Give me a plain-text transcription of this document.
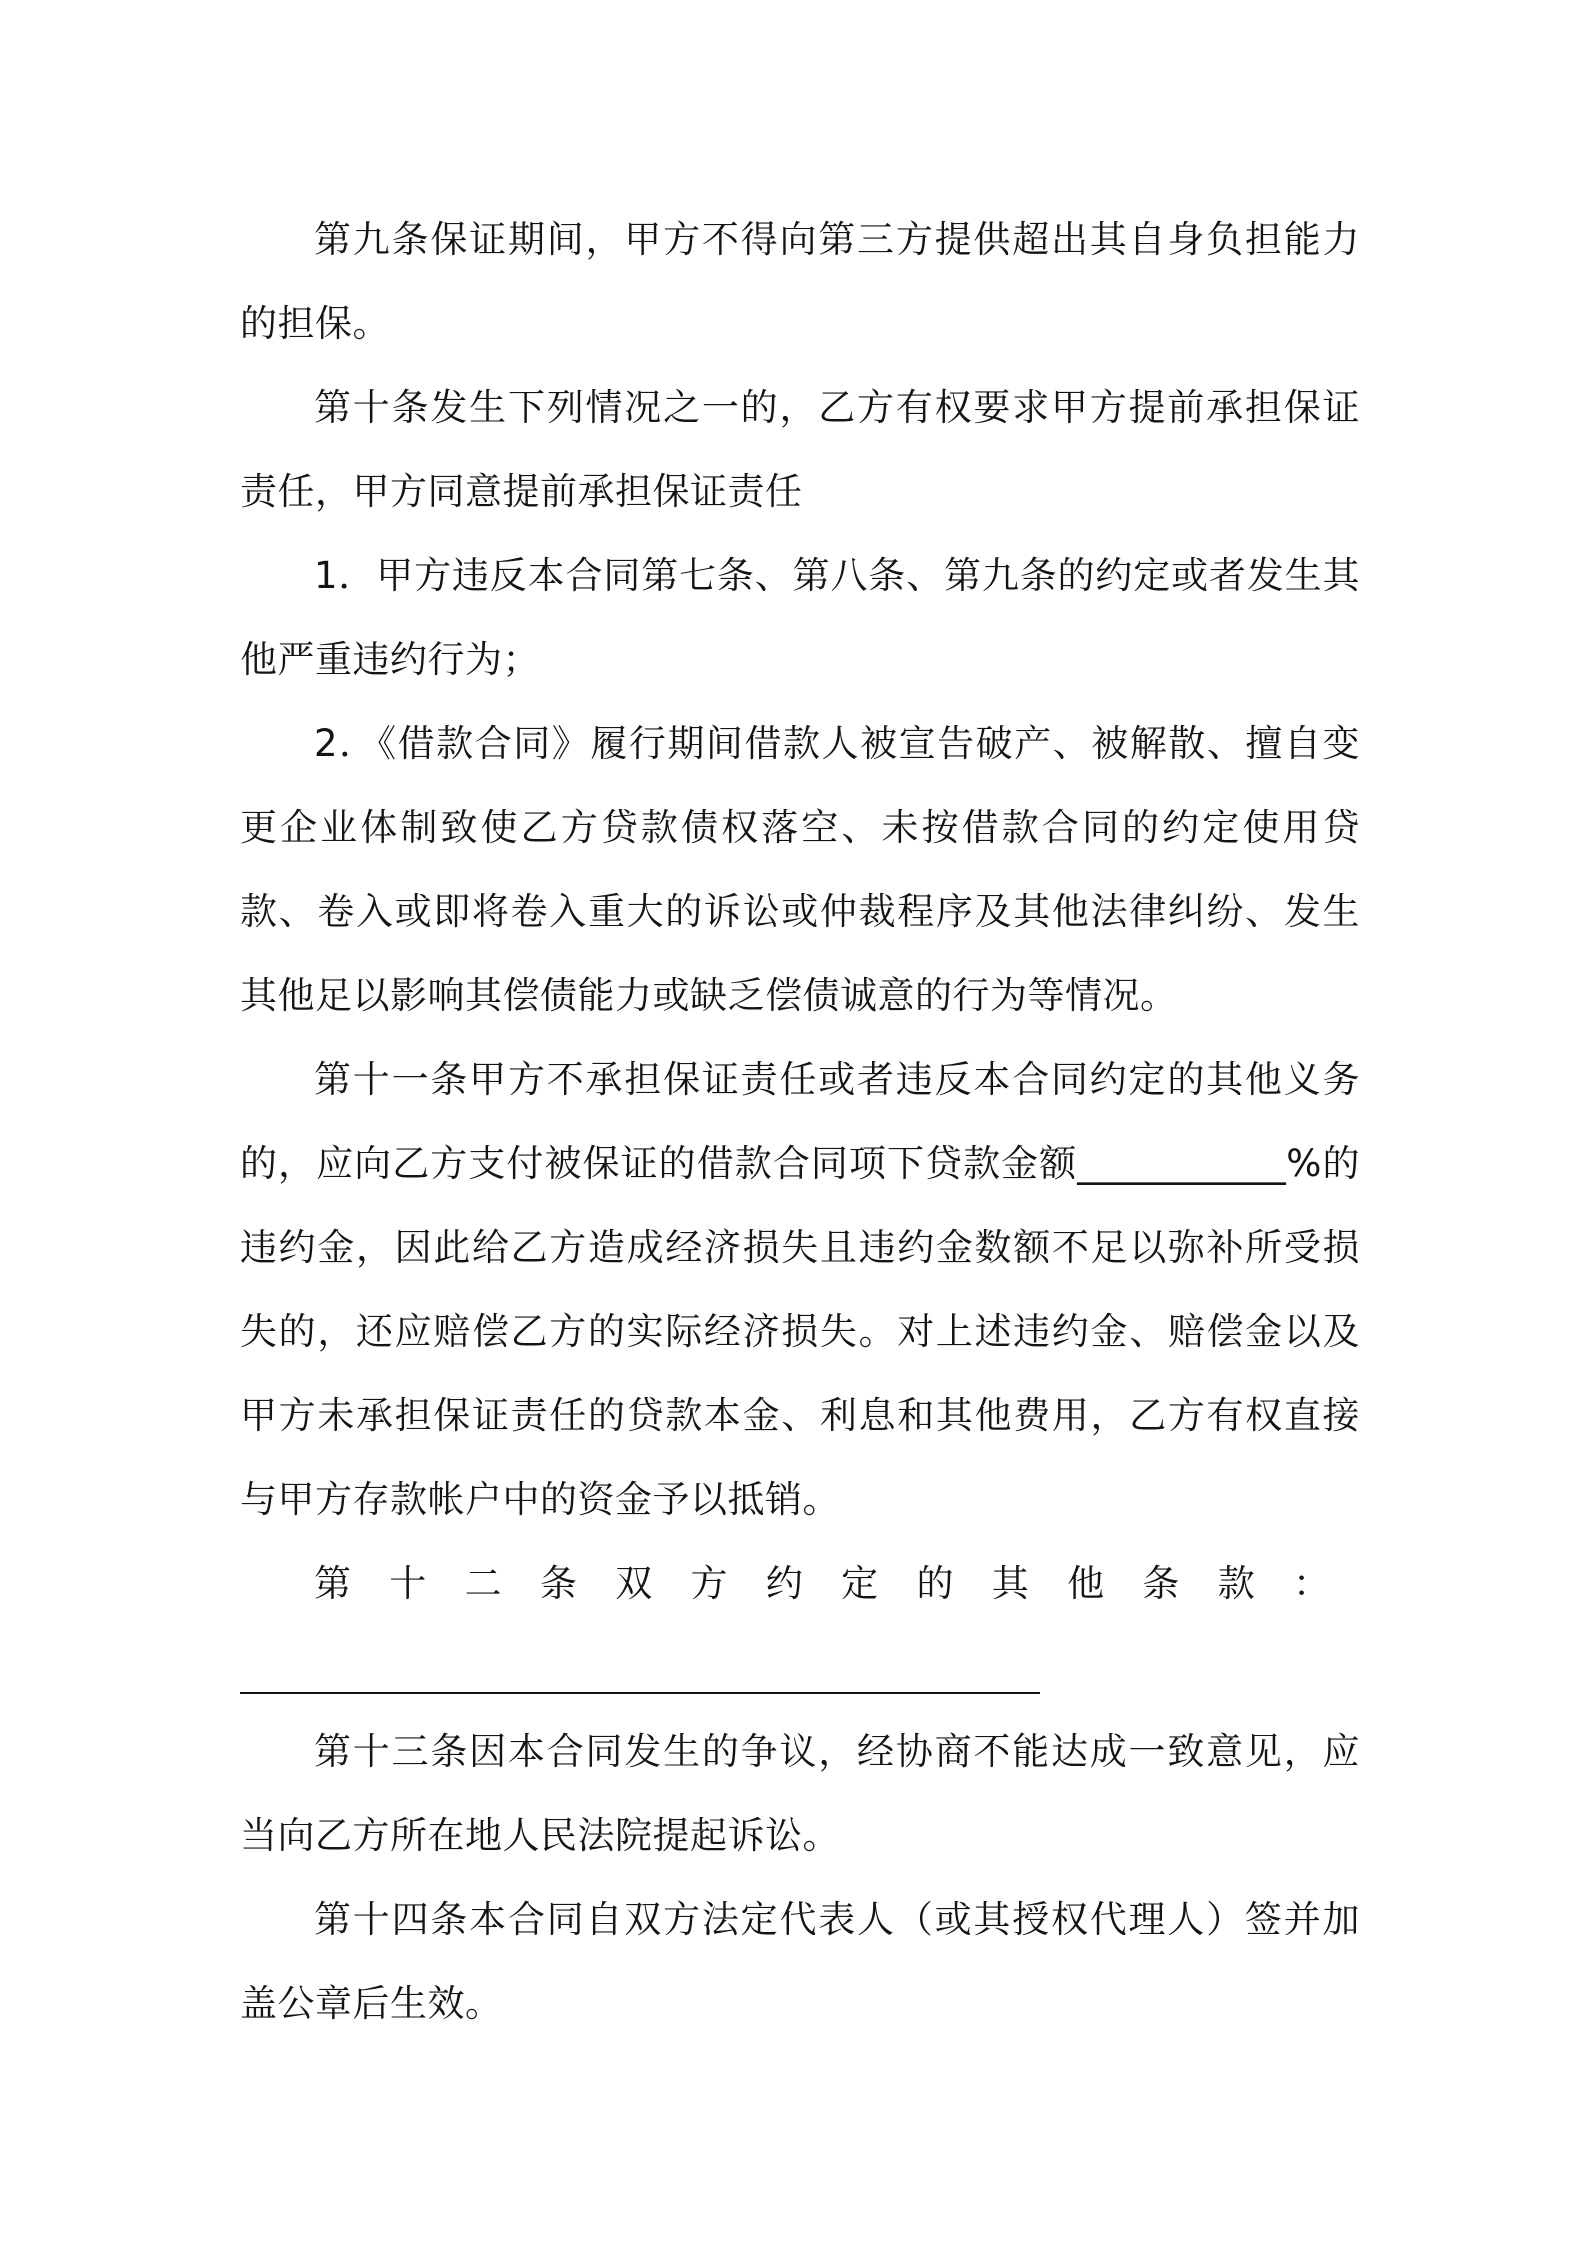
第九条保证期间，甲方不得向第三方提供超出其自身负担能力的担保。

第十条发生下列情况之一的，乙方有权要求甲方提前承担保证责任，甲方同意提前承担保证责任

1．甲方违反本合同第七条、第八条、第九条的约定或者发生其他严重违约行为；

2．《借款合同》履行期间借款人被宣告破产、被解散、擅自变更企业体制致使乙方贷款债权落空、未按借款合同的约定使用贷款、卷入或即将卷入重大的诉讼或仲裁程序及其他法律纠纷、发生其他足以影响其偿债能力或缺乏偿债诚意的行为等情况。

第十一条甲方不承担保证责任或者违反本合同约定的其他义务的，应向乙方支付被保证的借款合同项下贷款金额___________%的违约金，因此给乙方造成经济损失且违约金数额不足以弥补所受损失的，还应赔偿乙方的实际经济损失。对上述违约金、赔偿金以及甲方未承担保证责任的贷款本金、利息和其他费用，乙方有权直接与甲方存款帐户中的资金予以抵销。

第十二条双方约定的其他条款：

第十三条因本合同发生的争议，经协商不能达成一致意见，应当向乙方所在地人民法院提起诉讼。

第十四条本合同自双方法定代表人（或其授权代理人）签并加盖公章后生效。
